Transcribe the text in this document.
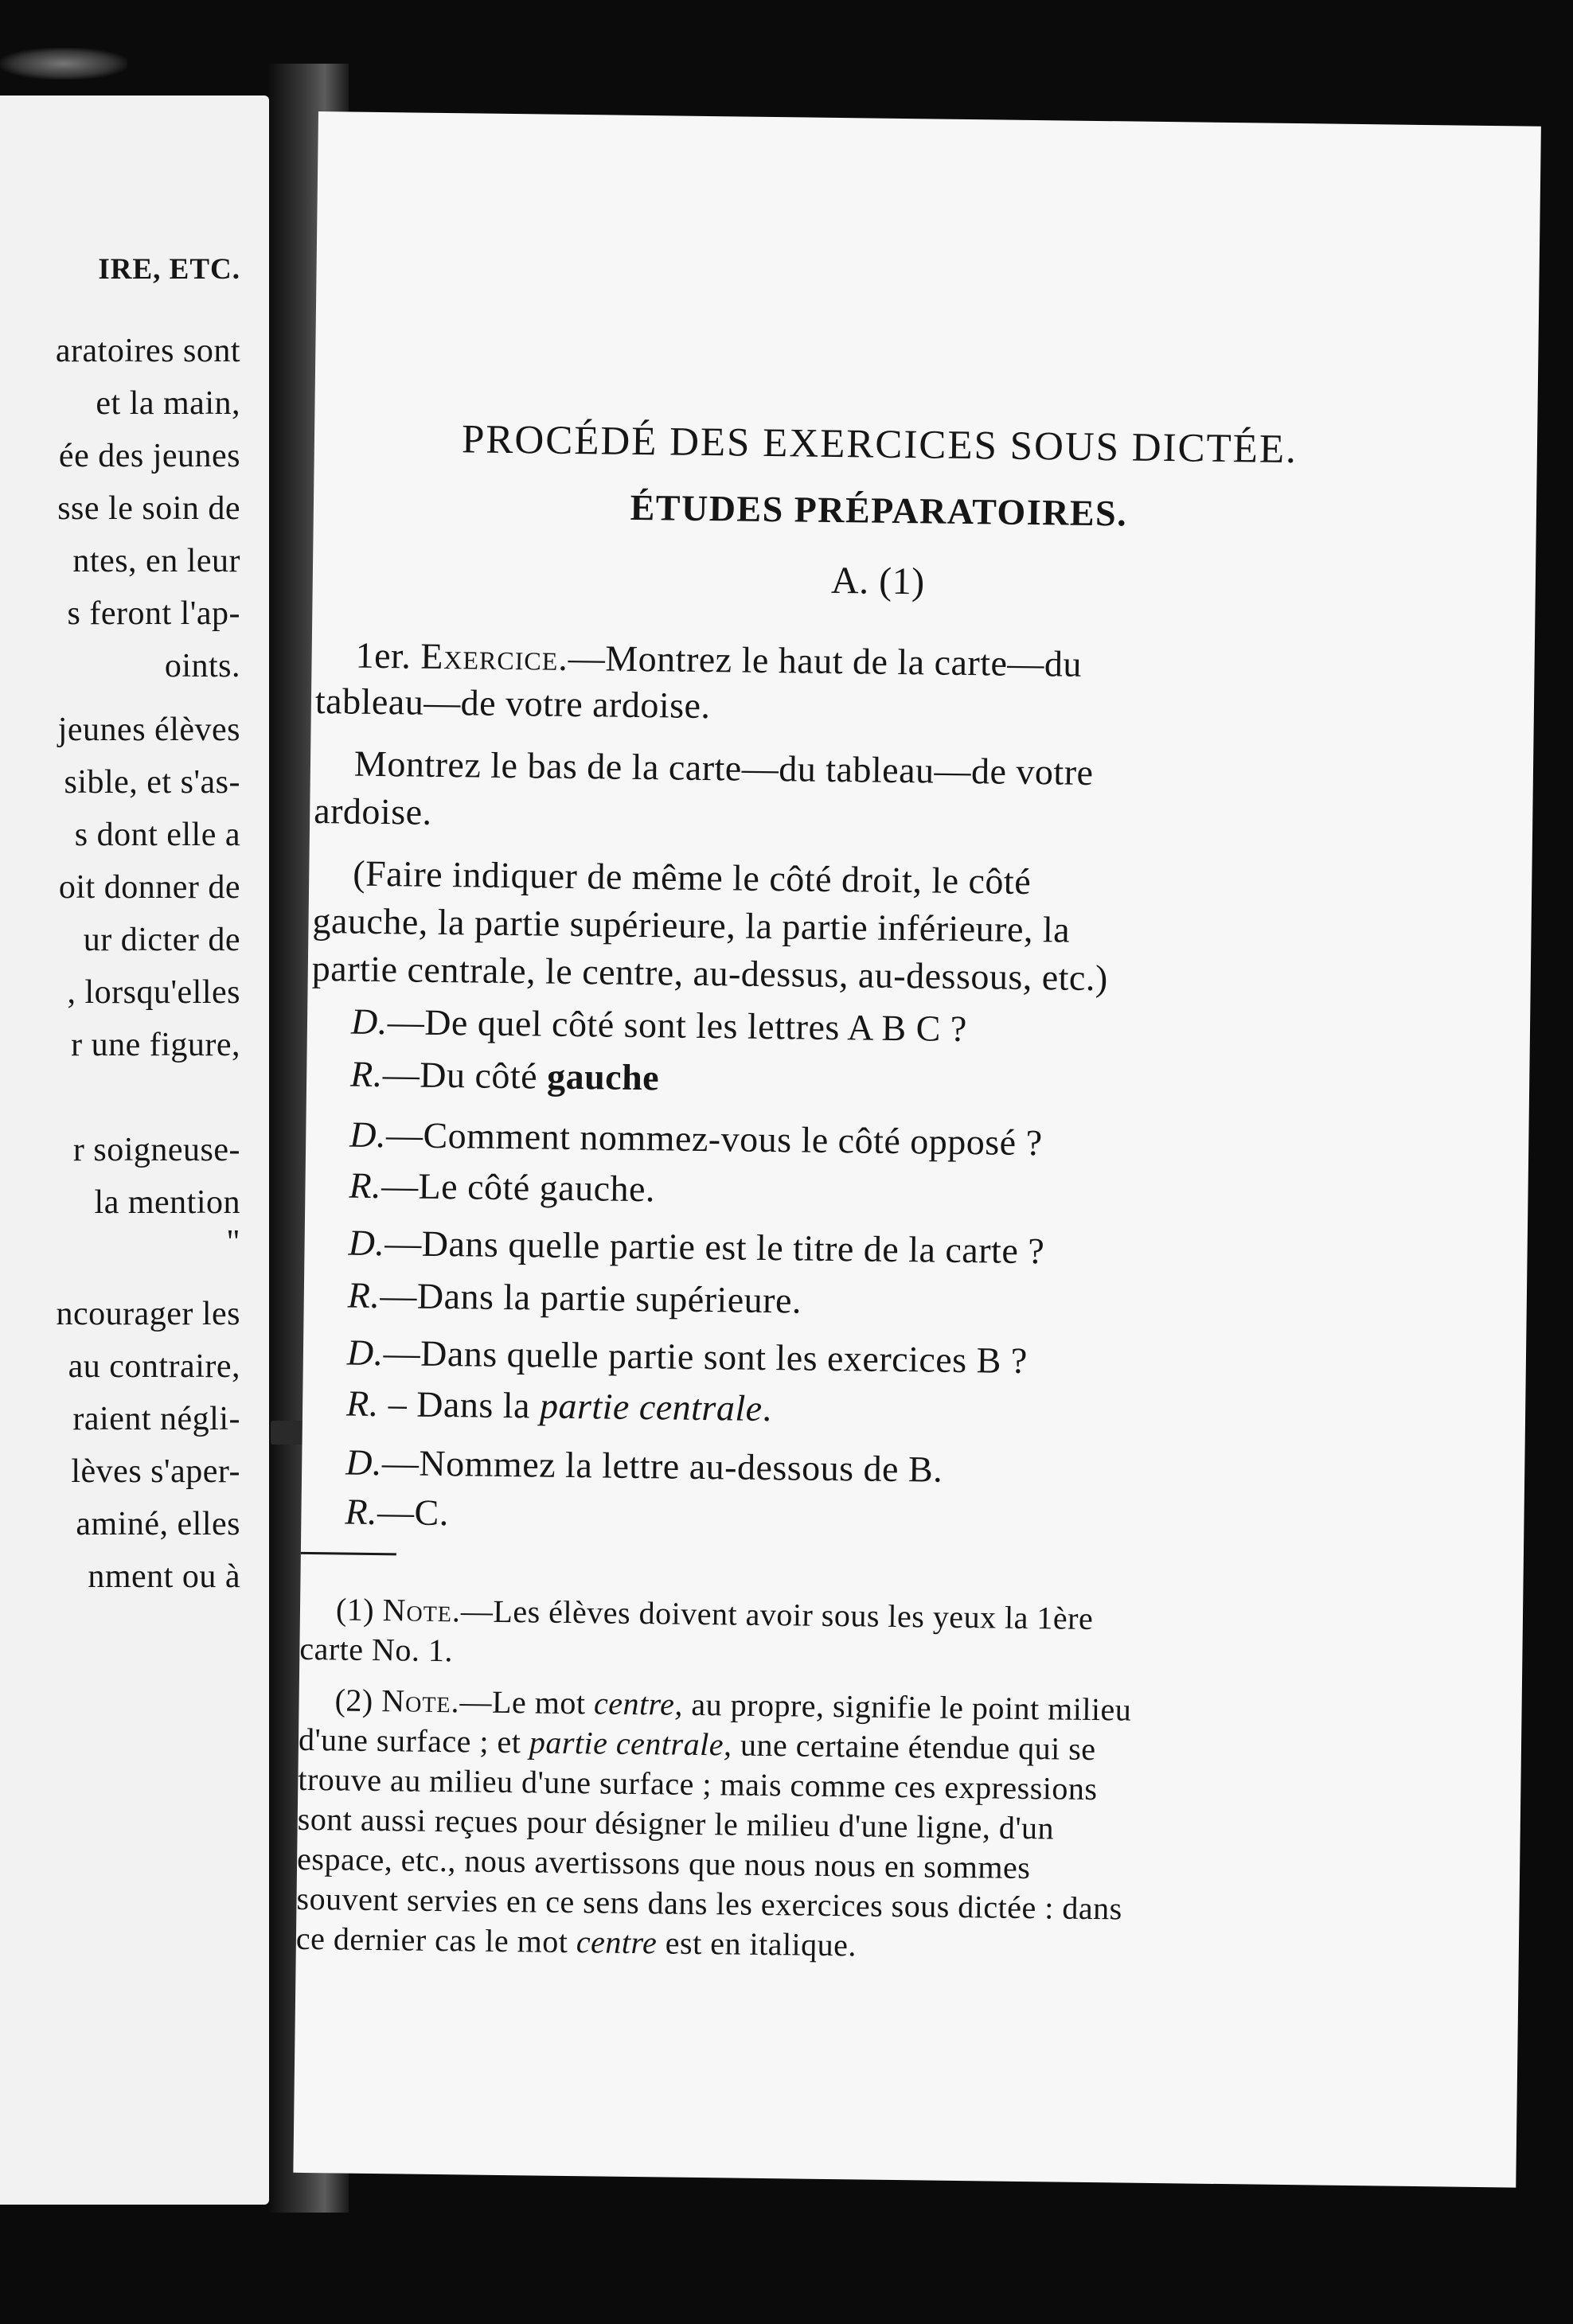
IRE, ETC.
aratoires sont
et la main,
ée des jeunes
sse le soin de
ntes, en leur
s feront l'ap-
oints.
jeunes élèves
sible, et s'as-
s dont elle a
oit donner de
ur dicter de
, lorsqu'elles
r une figure,
r soigneuse-
la mention
"
ncourager les
au contraire,
raient négli-
lèves s'aper-
aminé, elles
nment ou à
PROCÉDÉ DES EXERCICES SOUS DICTÉE.
ÉTUDES PRÉPARATOIRES.
A. (1)
1er. Exercice.—Montrez le haut de la carte—du
tableau—de votre ardoise.
Montrez le bas de la carte—du tableau—de votre
ardoise.
(Faire indiquer de même le côté droit, le côté
gauche, la partie supérieure, la partie inférieure, la
partie centrale, le centre, au-dessus, au-dessous, etc.)
D.—De quel côté sont les lettres A B C ?
R.—Du côté gauche
D.—Comment nommez-vous le côté opposé ?
R.—Le côté gauche.
D.—Dans quelle partie est le titre de la carte ?
R.—Dans la partie supérieure.
D.—Dans quelle partie sont les exercices B ?
R. – Dans la partie centrale.
D.—Nommez la lettre au-dessous de B.
R.—C.
(1) Note.—Les élèves doivent avoir sous les yeux la 1ère
carte No. 1.
(2) Note.—Le mot centre, au propre, signifie le point milieu
d'une surface ; et partie centrale, une certaine étendue qui se
trouve au milieu d'une surface ; mais comme ces expressions
sont aussi reçues pour désigner le milieu d'une ligne, d'un
espace, etc., nous avertissons que nous nous en sommes
souvent servies en ce sens dans les exercices sous dictée : dans
ce dernier cas le mot centre est en italique.
